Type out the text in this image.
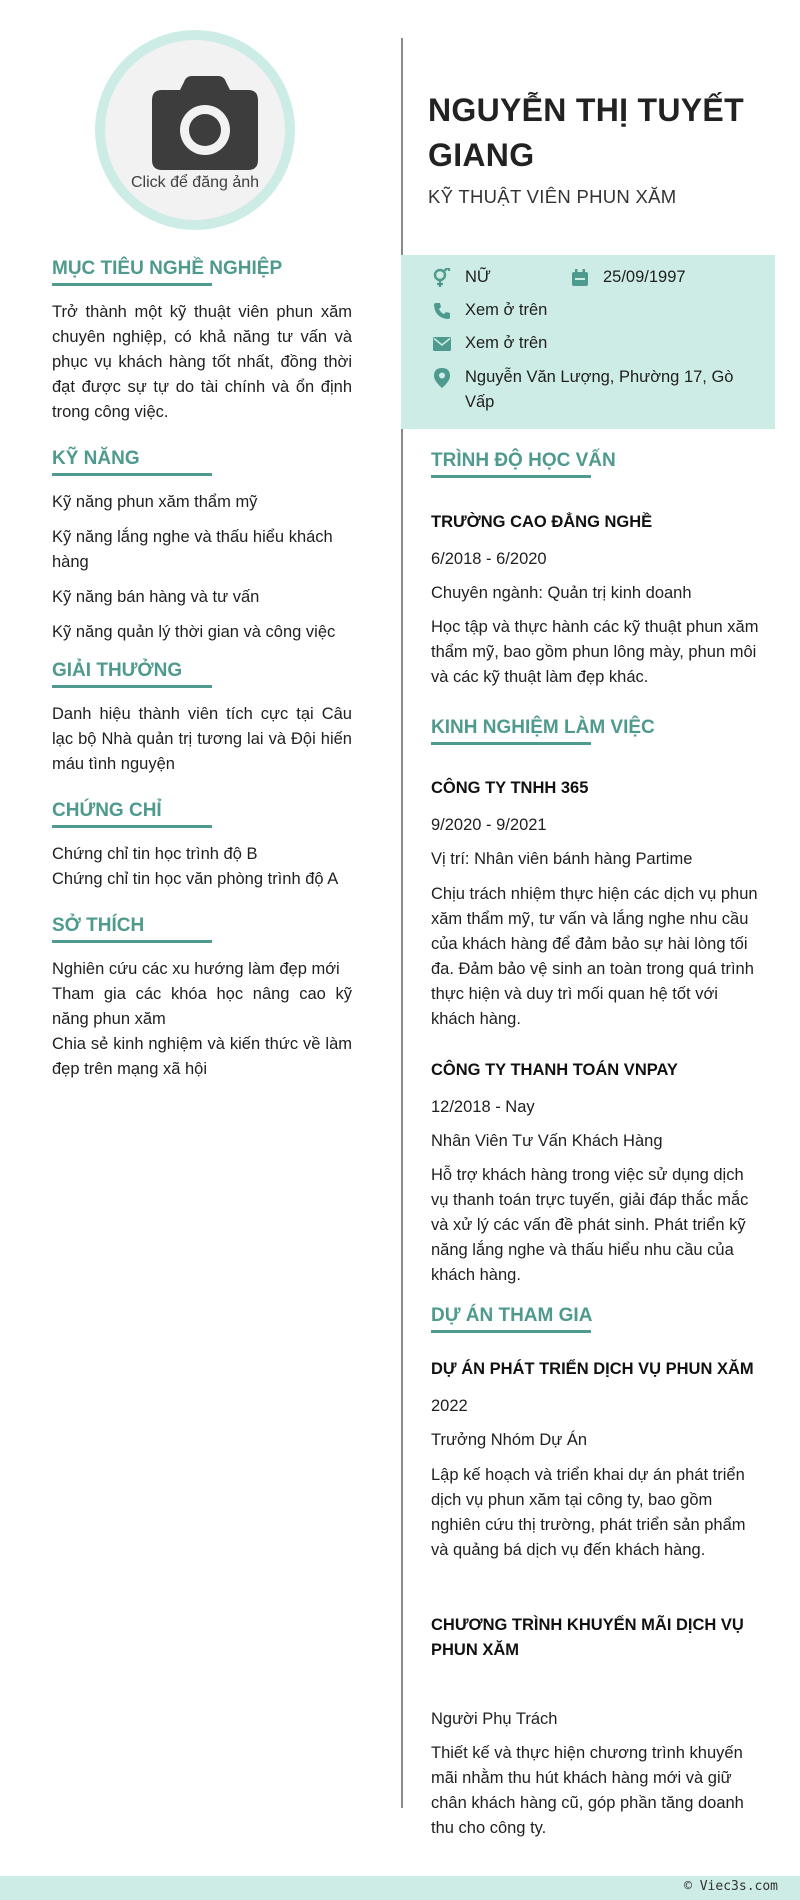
Click để đăng ảnh
MỤC TIÊU NGHỀ NGHIỆP

Trở thành một kỹ thuật viên phun xăm chuyên nghiệp, có khả năng tư vấn và phục vụ khách hàng tốt nhất, đồng thời đạt được sự tự do tài chính và ổn định trong công việc.

KỸ NĂNG

Kỹ năng phun xăm thẩm mỹ

Kỹ năng lắng nghe và thấu hiểu khách hàng

Kỹ năng bán hàng và tư vấn

Kỹ năng quản lý thời gian và công việc

GIẢI THƯỞNG

Danh hiệu thành viên tích cực tại Câu lạc bộ Nhà quản trị tương lai và Đội hiến máu tình nguyện

CHỨNG CHỈ

Chứng chỉ tin học trình độ B

Chứng chỉ tin học văn phòng trình độ A

SỞ THÍCH

Nghiên cứu các xu hướng làm đẹp mới

Tham gia các khóa học nâng cao kỹ năng phun xăm

Chia sẻ kinh nghiệm và kiến thức về làm đẹp trên mạng xã hội

NGUYỄN THỊ TUYẾT GIANG

KỸ THUẬT VIÊN PHUN XĂM

NỮ	25/09/1997
Xem ở trên
Xem ở trên
Nguyễn Văn Lượng, Phường 17, Gò Vấp
TRÌNH ĐỘ HỌC VẤN

TRƯỜNG CAO ĐẲNG NGHỀ

6/2018 - 6/2020

Chuyên ngành: Quản trị kinh doanh

Học tập và thực hành các kỹ thuật phun xăm thẩm mỹ, bao gồm phun lông mày, phun môi và các kỹ thuật làm đẹp khác.

KINH NGHIỆM LÀM VIỆC

CÔNG TY TNHH 365

9/2020 - 9/2021

Vị trí: Nhân viên bánh hàng Partime

Chịu trách nhiệm thực hiện các dịch vụ phun xăm thẩm mỹ, tư vấn và lắng nghe nhu cầu của khách hàng để đảm bảo sự hài lòng tối đa. Đảm bảo vệ sinh an toàn trong quá trình thực hiện và duy trì mối quan hệ tốt với khách hàng.

CÔNG TY THANH TOÁN VNPAY

12/2018 - Nay

Nhân Viên Tư Vấn Khách Hàng

Hỗ trợ khách hàng trong việc sử dụng dịch vụ thanh toán trực tuyến, giải đáp thắc mắc và xử lý các vấn đề phát sinh. Phát triển kỹ năng lắng nghe và thấu hiểu nhu cầu của khách hàng.

DỰ ÁN THAM GIA

DỰ ÁN PHÁT TRIỂN DỊCH VỤ PHUN XĂM

2022

Trưởng Nhóm Dự Án

Lập kế hoạch và triển khai dự án phát triển dịch vụ phun xăm tại công ty, bao gồm nghiên cứu thị trường, phát triển sản phẩm và quảng bá dịch vụ đến khách hàng.

CHƯƠNG TRÌNH KHUYẾN MÃI DỊCH VỤ PHUN XĂM

Người Phụ Trách

Thiết kế và thực hiện chương trình khuyến mãi nhằm thu hút khách hàng mới và giữ chân khách hàng cũ, góp phần tăng doanh thu cho công ty.

© Viec3s.com
